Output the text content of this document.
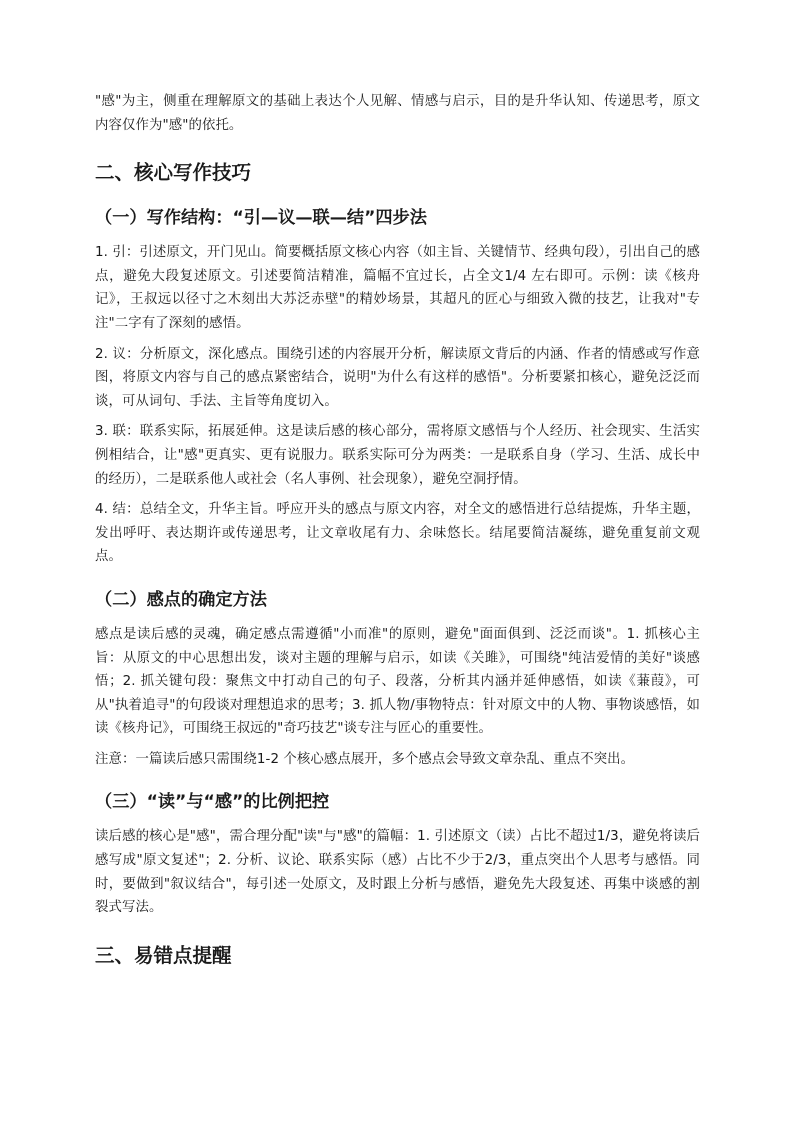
"感"为主，侧重在理解原文的基础上表达个人见解、情感与启示，目的是升华认知、传递思考，原文内容仅作为"感"的依托。

二、核心写作技巧
（一）写作结构：“引—议—联—结”四步法

1. 引：引述原文，开门见山。简要概括原文核心内容（如主旨、关键情节、经典句段），引出自己的感点，避免大段复述原文。引述要简洁精准，篇幅不宜过长，占全文1/4 左右即可。示例：读《核舟记》，王叔远以径寸之木刻出大苏泛赤壁"的精妙场景，其超凡的匠心与细致入微的技艺，让我对"专注"二字有了深刻的感悟。

2. 议：分析原文，深化感点。围绕引述的内容展开分析，解读原文背后的内涵、作者的情感或写作意图，将原文内容与自己的感点紧密结合，说明"为什么有这样的感悟"。分析要紧扣核心，避免泛泛而谈，可从词句、手法、主旨等角度切入。

3. 联：联系实际，拓展延伸。这是读后感的核心部分，需将原文感悟与个人经历、社会现实、生活实例相结合，让"感"更真实、更有说服力。联系实际可分为两类：一是联系自身（学习、生活、成长中的经历），二是联系他人或社会（名人事例、社会现象），避免空洞抒情。

4. 结：总结全文，升华主旨。呼应开头的感点与原文内容，对全文的感悟进行总结提炼，升华主题，发出呼吁、表达期许或传递思考，让文章收尾有力、余味悠长。结尾要简洁凝练，避免重复前文观点。

（二）感点的确定方法

感点是读后感的灵魂，确定感点需遵循"小而准"的原则，避免"面面俱到、泛泛而谈"。1. 抓核心主旨：从原文的中心思想出发，谈对主题的理解与启示，如读《关雎》，可围绕"纯洁爱情的美好"谈感悟；2. 抓关键句段：聚焦文中打动自己的句子、段落，分析其内涵并延伸感悟，如读《蒹葭》，可从"执着追寻"的句段谈对理想追求的思考；3. 抓人物/事物特点：针对原文中的人物、事物谈感悟，如读《核舟记》，可围绕王叔远的"奇巧技艺"谈专注与匠心的重要性。

注意：一篇读后感只需围绕1-2 个核心感点展开，多个感点会导致文章杂乱、重点不突出。

（三）“读”与“感”的比例把控

读后感的核心是"感"，需合理分配"读"与"感"的篇幅：1. 引述原文（读）占比不超过1/3，避免将读后感写成"原文复述"；2. 分析、议论、联系实际（感）占比不少于2/3，重点突出个人思考与感悟。同时，要做到"叙议结合"，每引述一处原文，及时跟上分析与感悟，避免先大段复述、再集中谈感的割裂式写法。

三、易错点提醒
